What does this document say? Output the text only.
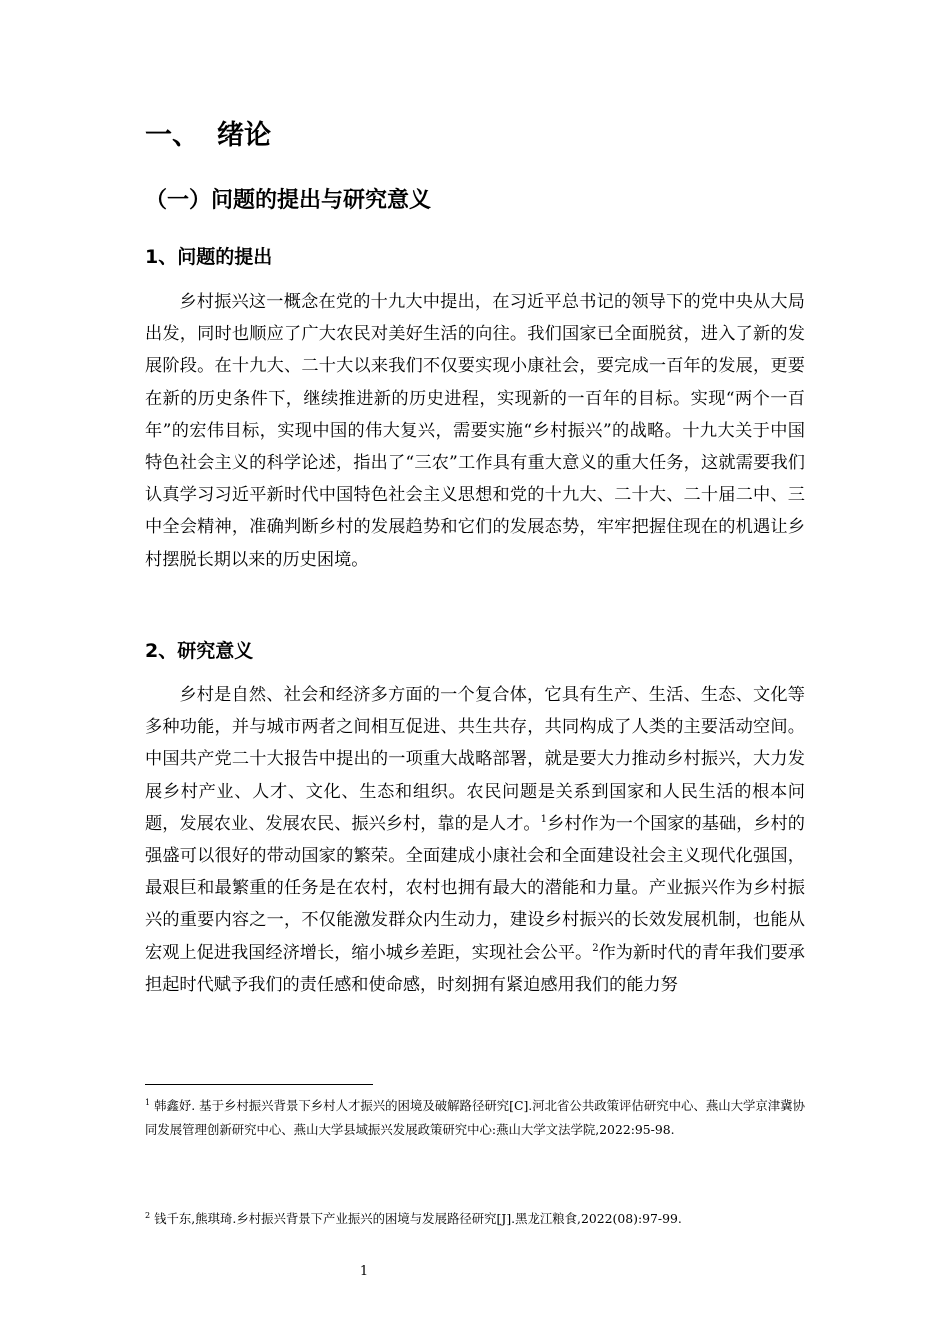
一、 绪论
（一）问题的提出与研究意义
1、问题的提出

乡村振兴这一概念在党的十九大中提出，在习近平总书记的领导下的党中央从大局出发，同时也顺应了广大农民对美好生活的向往。我们国家已全面脱贫，进入了新的发展阶段。在十九大、二十大以来我们不仅要实现小康社会，要完成一百年的发展，更要在新的历史条件下，继续推进新的历史进程，实现新的一百年的目标。实现“两个一百年”的宏伟目标，实现中国的伟大复兴，需要实施“乡村振兴”的战略。十九大关于中国特色社会主义的科学论述，指出了“三农”工作具有重大意义的重大任务，这就需要我们认真学习习近平新时代中国特色社会主义思想和党的十九大、二十大、二十届二中、三中全会精神，准确判断乡村的发展趋势和它们的发展态势，牢牢把握住现在的机遇让乡村摆脱长期以来的历史困境。

2、研究意义

乡村是自然、社会和经济多方面的一个复合体，它具有生产、生活、生态、文化等多种功能，并与城市两者之间相互促进、共生共存，共同构成了人类的主要活动空间。中国共产党二十大报告中提出的一项重大战略部署，就是要大力推动乡村振兴，大力发展乡村产业、人才、文化、生态和组织。农民问题是关系到国家和人民生活的根本问题，发展农业、发展农民、振兴乡村，靠的是人才。$^1$乡村作为一个国家的基础，乡村的强盛可以很好的带动国家的繁荣。全面建成小康社会和全面建设社会主义现代化强国，最艰巨和最繁重的任务是在农村，农村也拥有最大的潜能和力量。产业振兴作为乡村振兴的重要内容之一，不仅能激发群众内生动力，建设乡村振兴的长效发展机制，也能从宏观上促进我国经济增长，缩小城乡差距，实现社会公平。$^2$作为新时代的青年我们要承担起时代赋予我们的责任感和使命感，时刻拥有紧迫感用我们的能力努

$^1$ 韩鑫妤. 基于乡村振兴背景下乡村人才振兴的困境及破解路径研究[C].河北省公共政策评估研究中心、燕山大学京津冀协同发展管理创新研究中心、燕山大学县域振兴发展政策研究中心:燕山大学文法学院,2022:95-98.

$^2$ 钱千东,熊琪琦.乡村振兴背景下产业振兴的困境与发展路径研究[J].黑龙江粮食,2022(08):97-99.

1
